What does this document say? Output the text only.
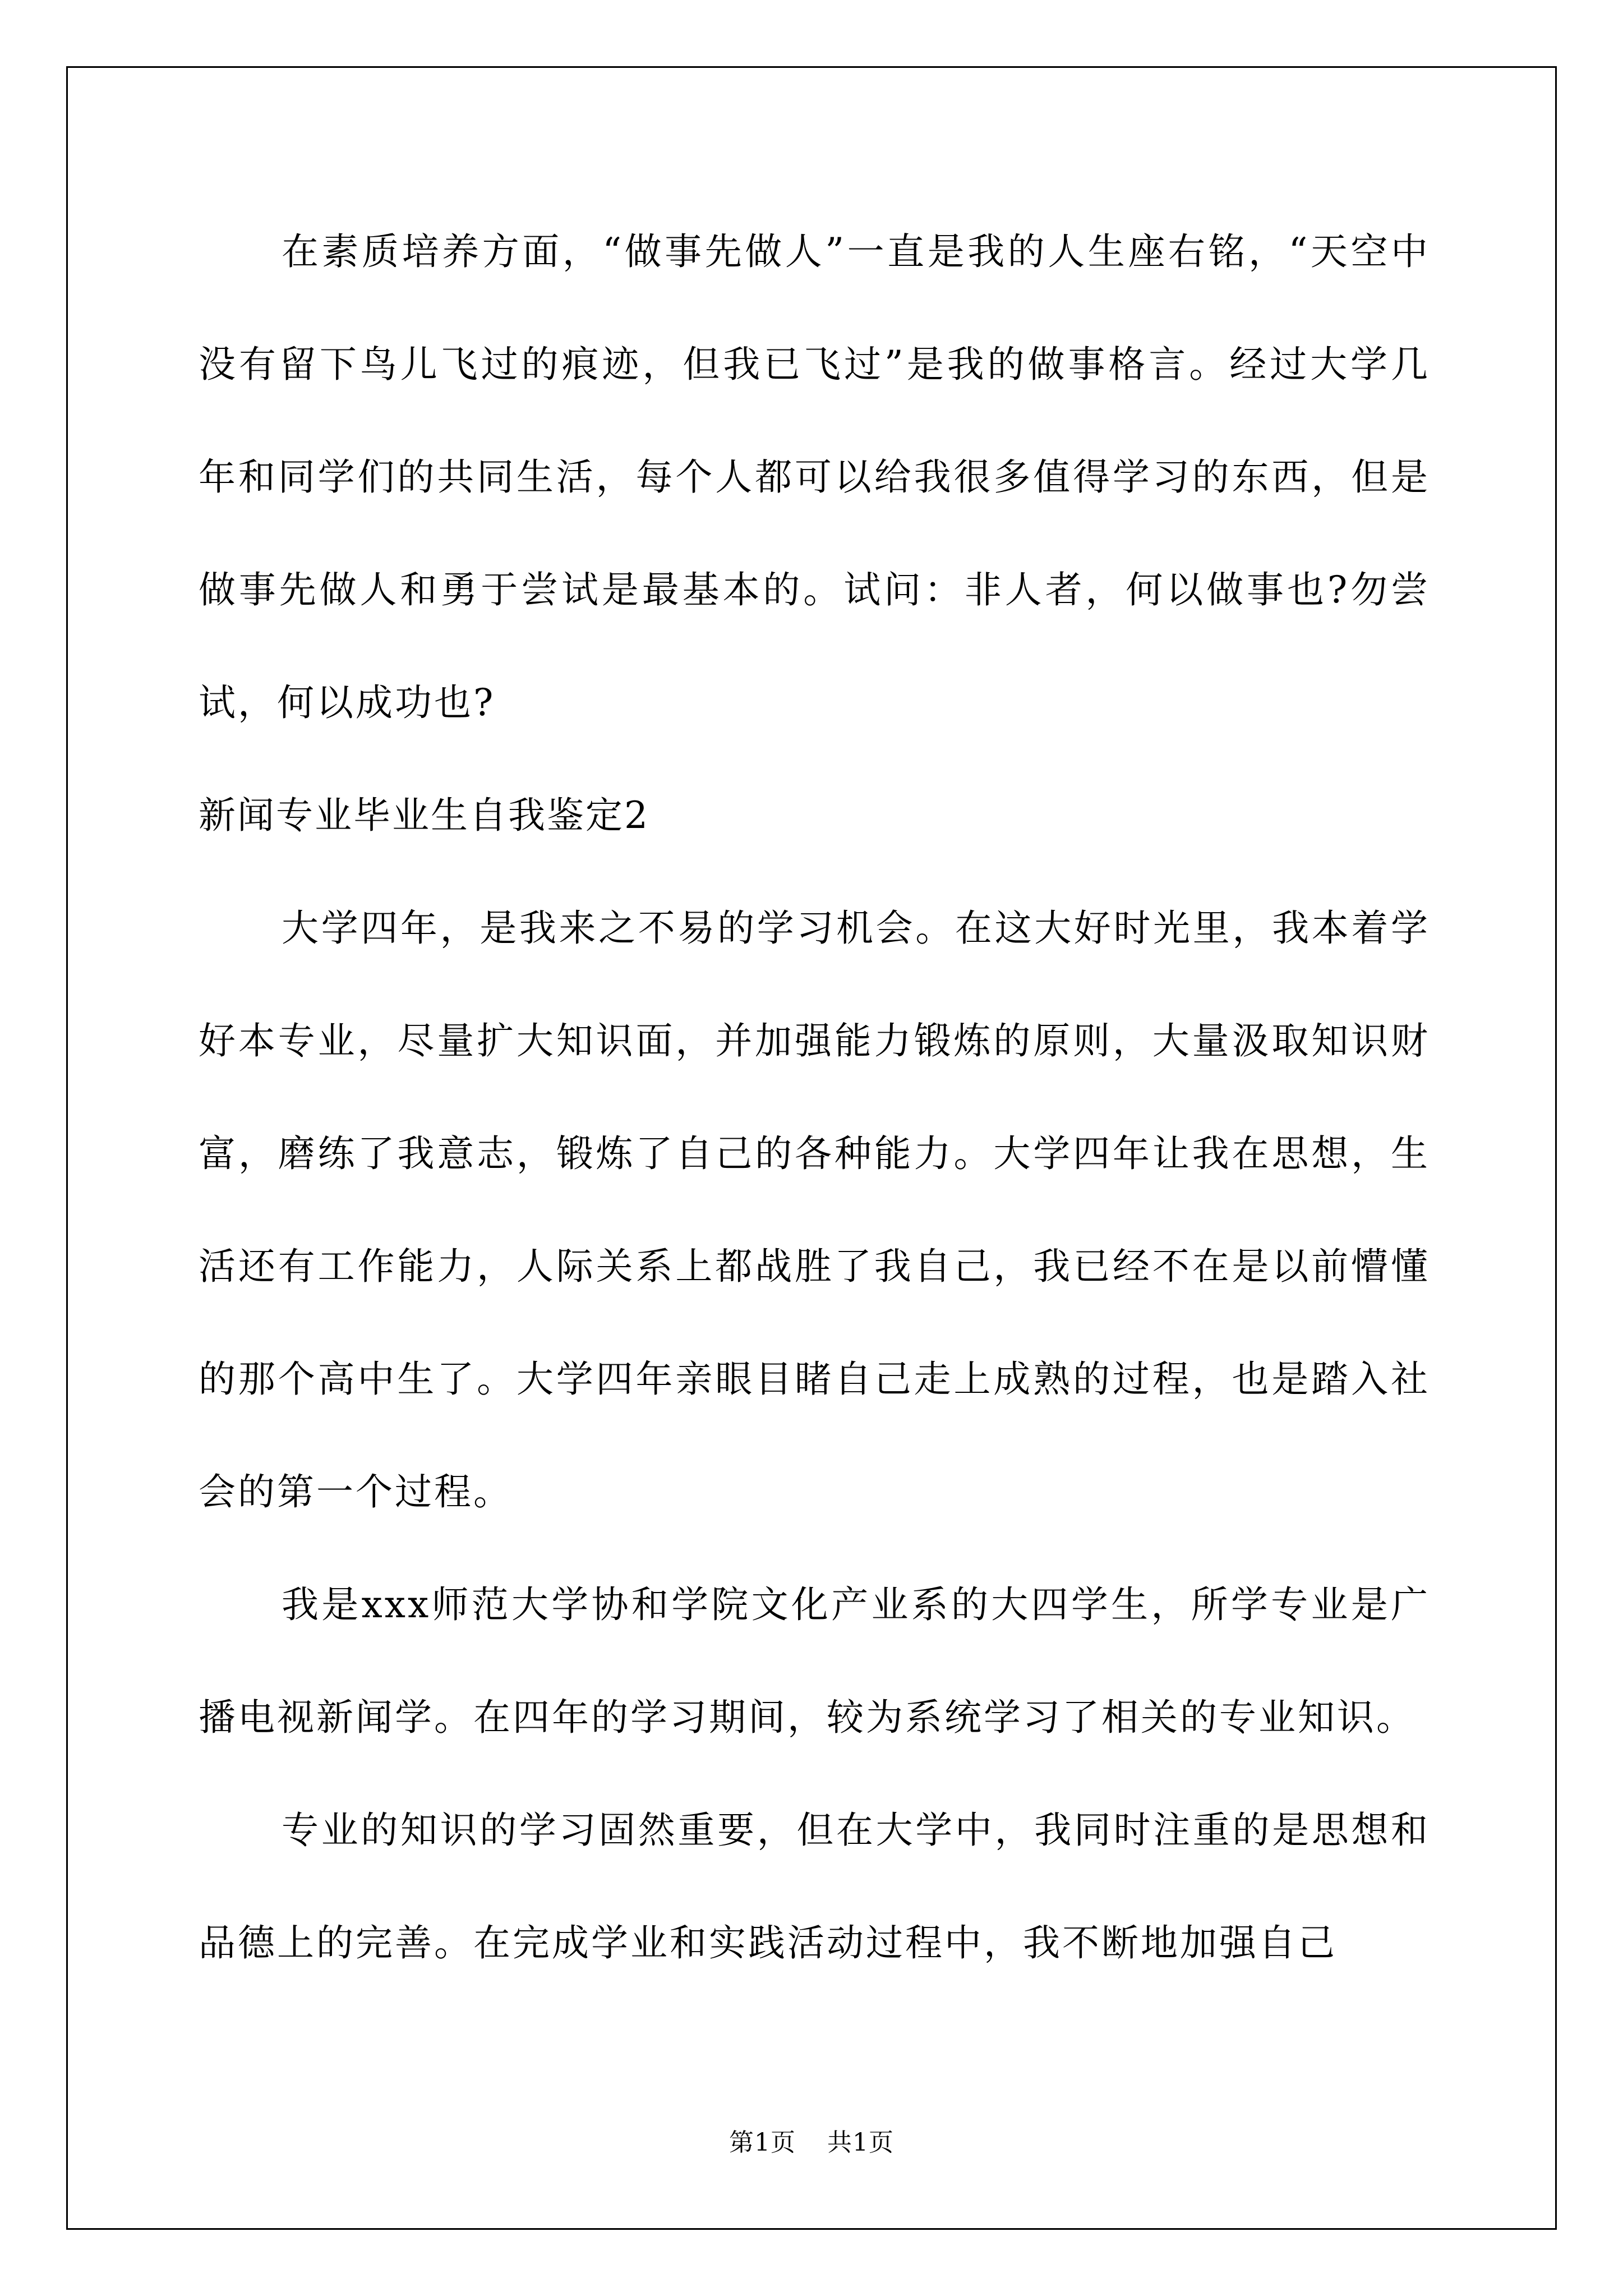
在素质培养方面，“做事先做人”一直是我的人生座右铭，“天空中没有留下鸟儿飞过的痕迹，但我已飞过”是我的做事格言。经过大学几年和同学们的共同生活，每个人都可以给我很多值得学习的东西，但是做事先做人和勇于尝试是最基本的。试问：非人者，何以做事也?勿尝试，何以成功也?

新闻专业毕业生自我鉴定2

大学四年，是我来之不易的学习机会。在这大好时光里，我本着学好本专业，尽量扩大知识面，并加强能力锻炼的原则，大量汲取知识财富，磨练了我意志，锻炼了自己的各种能力。大学四年让我在思想，生活还有工作能力，人际关系上都战胜了我自己，我已经不在是以前懵懂的那个高中生了。大学四年亲眼目睹自己走上成熟的过程，也是踏入社会的第一个过程。

我是xxx师范大学协和学院文化产业系的大四学生，所学专业是广播电视新闻学。在四年的学习期间，较为系统学习了相关的专业知识。

专业的知识的学习固然重要，但在大学中，我同时注重的是思想和品德上的完善。在完成学业和实践活动过程中，我不断地加强自己

第1页 共1页
